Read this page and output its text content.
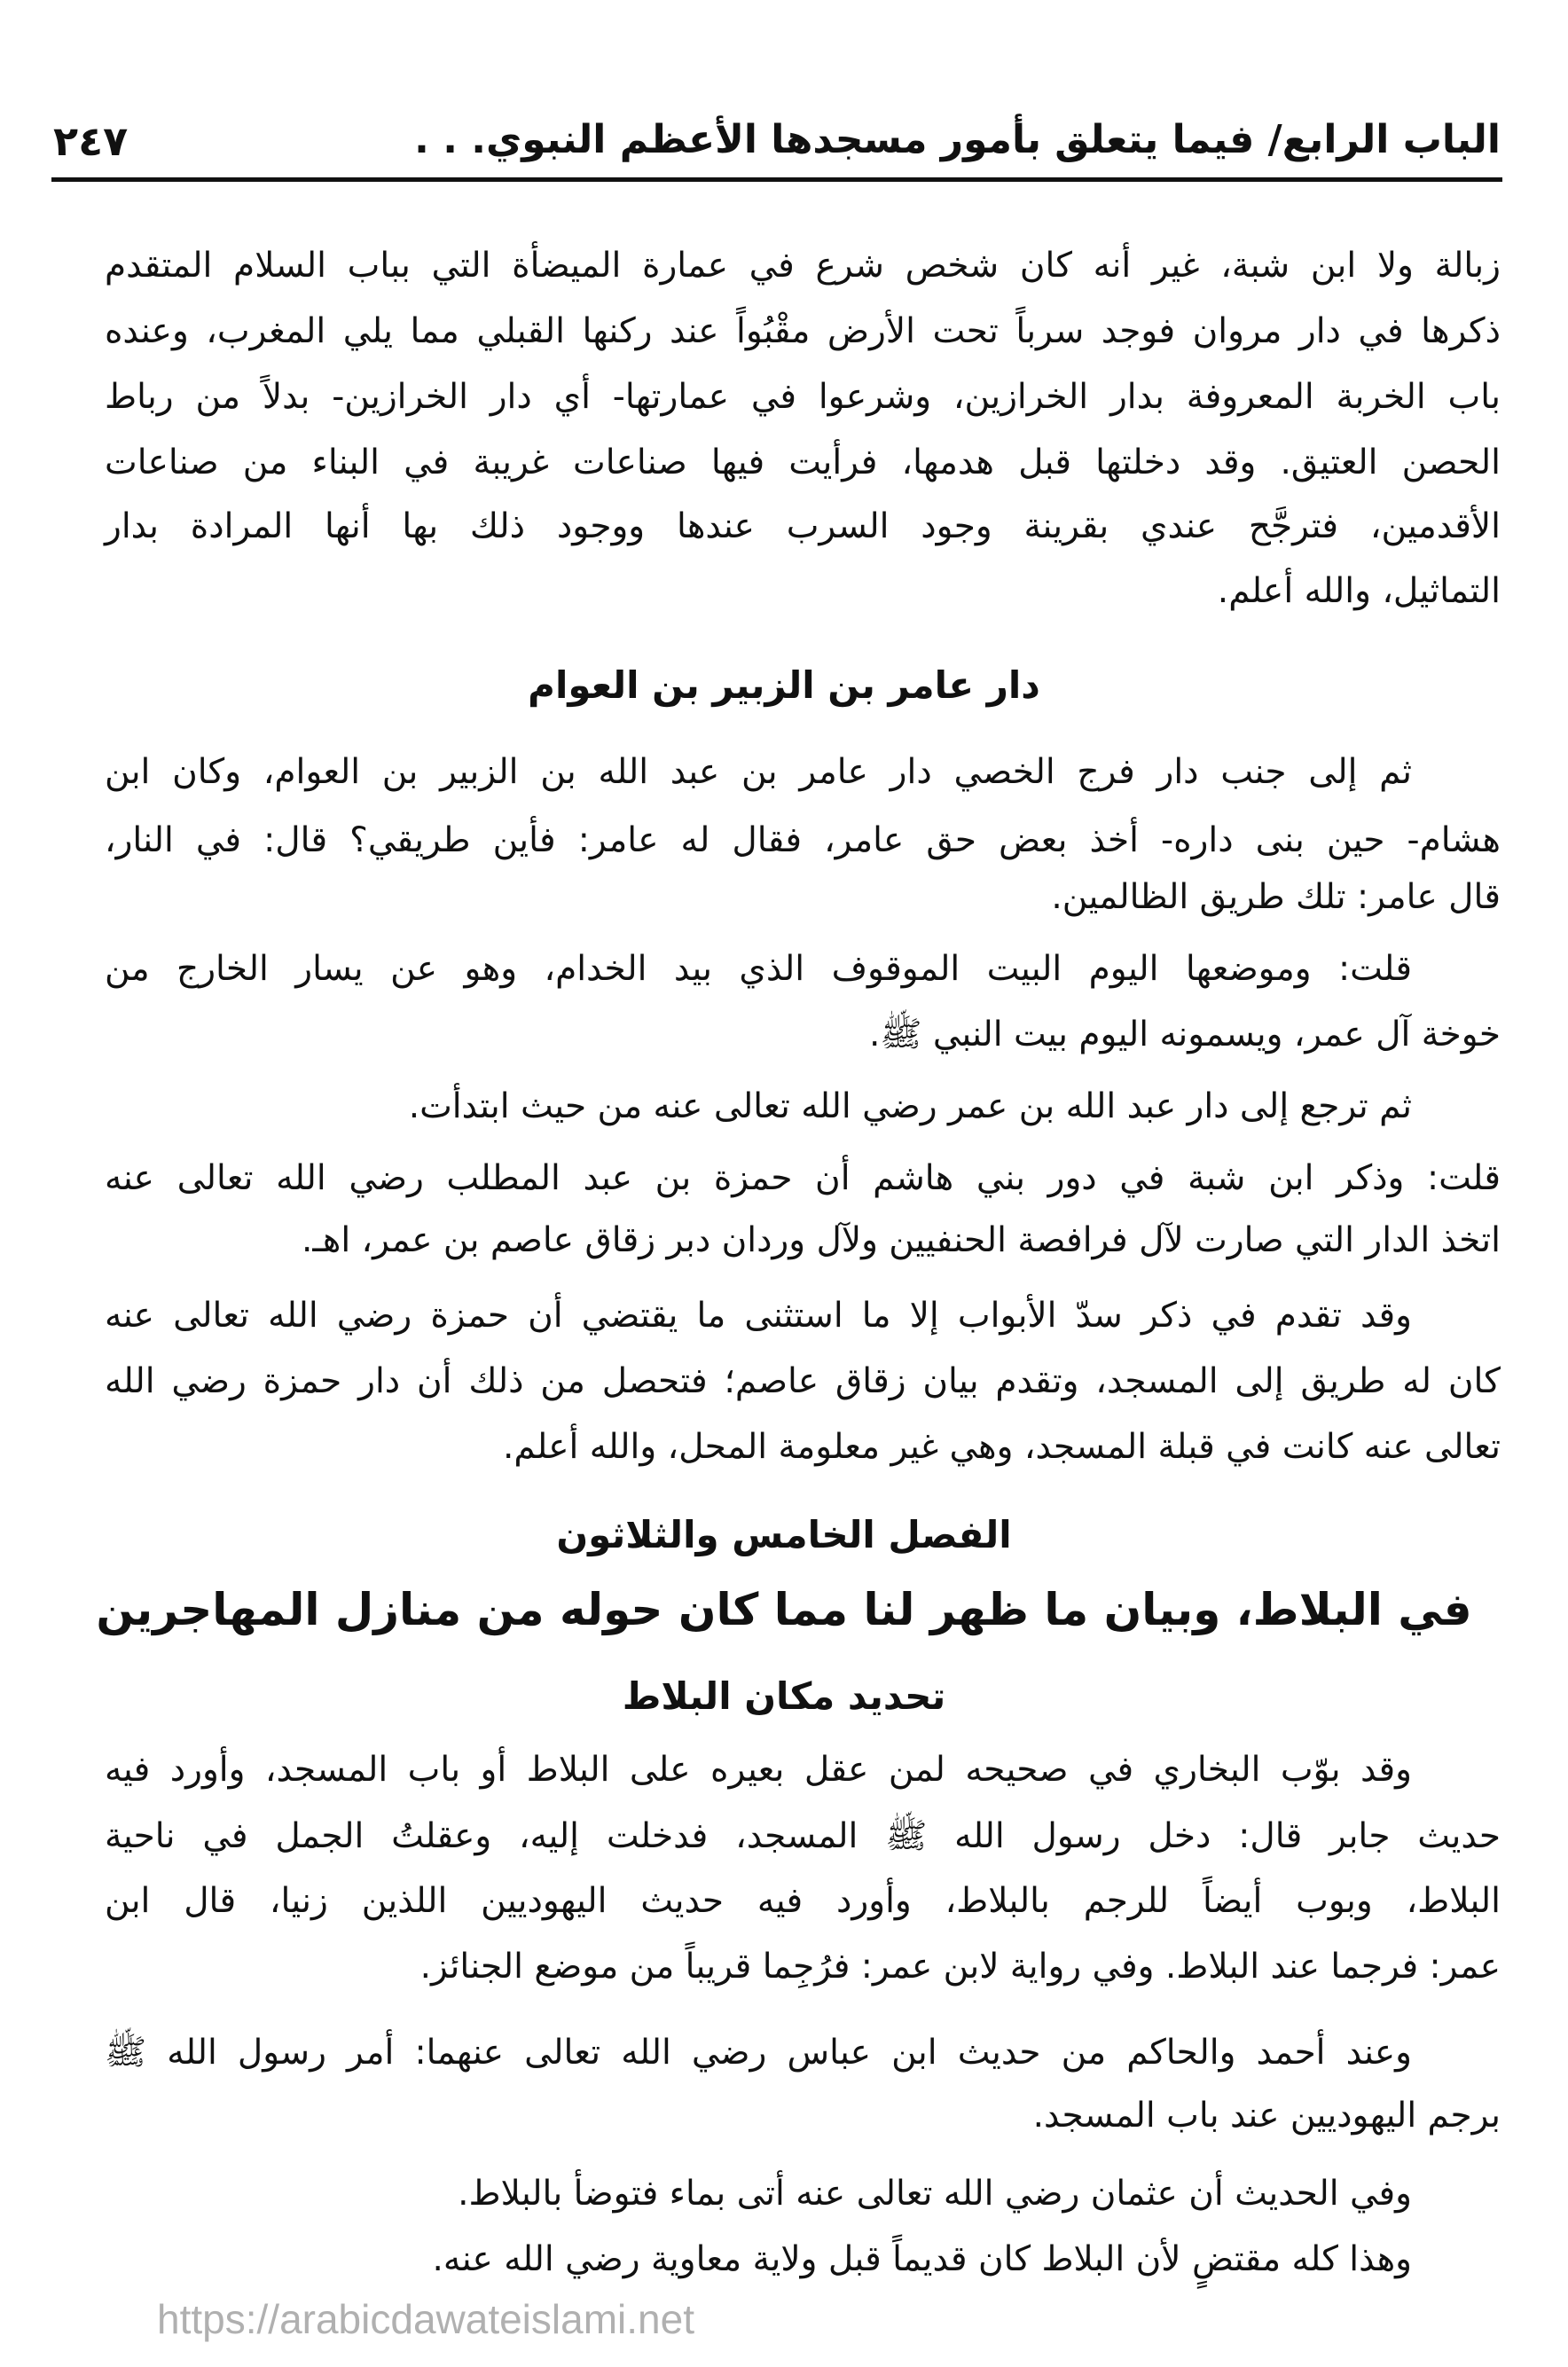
الباب الرابع/ فيما يتعلق بأمور مسجدها الأعظم النبوي. . .
٢٤٧
زبالة ولا ابن شبة، غير أنه كان شخص شرع في عمارة الميضأة التي بباب السلام المتقدم
ذكرها في دار مروان فوجد سرباً تحت الأرض مقْبُواً عند ركنها القبلي مما يلي المغرب، وعنده
باب الخربة المعروفة بدار الخرازين، وشرعوا في عمارتها- أي دار الخرازين- بدلاً من رباط
الحصن العتيق. وقد دخلتها قبل هدمها، فرأيت فيها صناعات غريبة في البناء من صناعات
الأقدمين، فترجَّح عندي بقرينة وجود السرب عندها ووجود ذلك بها أنها المرادة بدار
التماثيل، والله أعلم.
دار عامر بن الزبير بن العوام
ثم إلى جنب دار فرج الخصي دار عامر بن عبد الله بن الزبير بن العوام، وكان ابن
هشام- حين بنى داره- أخذ بعض حق عامر، فقال له عامر: فأين طريقي؟ قال: في النار،
قال عامر: تلك طريق الظالمين.
قلت: وموضعها اليوم البيت الموقوف الذي بيد الخدام، وهو عن يسار الخارج من
خوخة آل عمر، ويسمونه اليوم بيت النبي ﷺ.
ثم ترجع إلى دار عبد الله بن عمر رضي الله تعالى عنه من حيث ابتدأت.
قلت: وذكر ابن شبة في دور بني هاشم أن حمزة بن عبد المطلب رضي الله تعالى عنه
اتخذ الدار التي صارت لآل فرافصة الحنفيين ولآل وردان دبر زقاق عاصم بن عمر، اهـ.
وقد تقدم في ذكر سدّ الأبواب إلا ما استثنى ما يقتضي أن حمزة رضي الله تعالى عنه
كان له طريق إلى المسجد، وتقدم بيان زقاق عاصم؛ فتحصل من ذلك أن دار حمزة رضي الله
تعالى عنه كانت في قبلة المسجد، وهي غير معلومة المحل، والله أعلم.
الفصل الخامس والثلاثون
في البلاط، وبيان ما ظهر لنا مما كان حوله من منازل المهاجرين
تحديد مكان البلاط
وقد بوّب البخاري في صحيحه لمن عقل بعيره على البلاط أو باب المسجد، وأورد فيه
حديث جابر قال: دخل رسول الله ﷺ المسجد، فدخلت إليه، وعقلتُ الجمل في ناحية
البلاط، وبوب أيضاً للرجم بالبلاط، وأورد فيه حديث اليهوديين اللذين زنيا، قال ابن
عمر: فرجما عند البلاط. وفي رواية لابن عمر: فرُجِما قريباً من موضع الجنائز.
وعند أحمد والحاكم من حديث ابن عباس رضي الله تعالى عنهما: أمر رسول الله ﷺ
برجم اليهوديين عند باب المسجد.
وفي الحديث أن عثمان رضي الله تعالى عنه أتى بماء فتوضأ بالبلاط.
وهذا كله مقتضٍ لأن البلاط كان قديماً قبل ولاية معاوية رضي الله عنه.
https://arabicdawateislami.net
